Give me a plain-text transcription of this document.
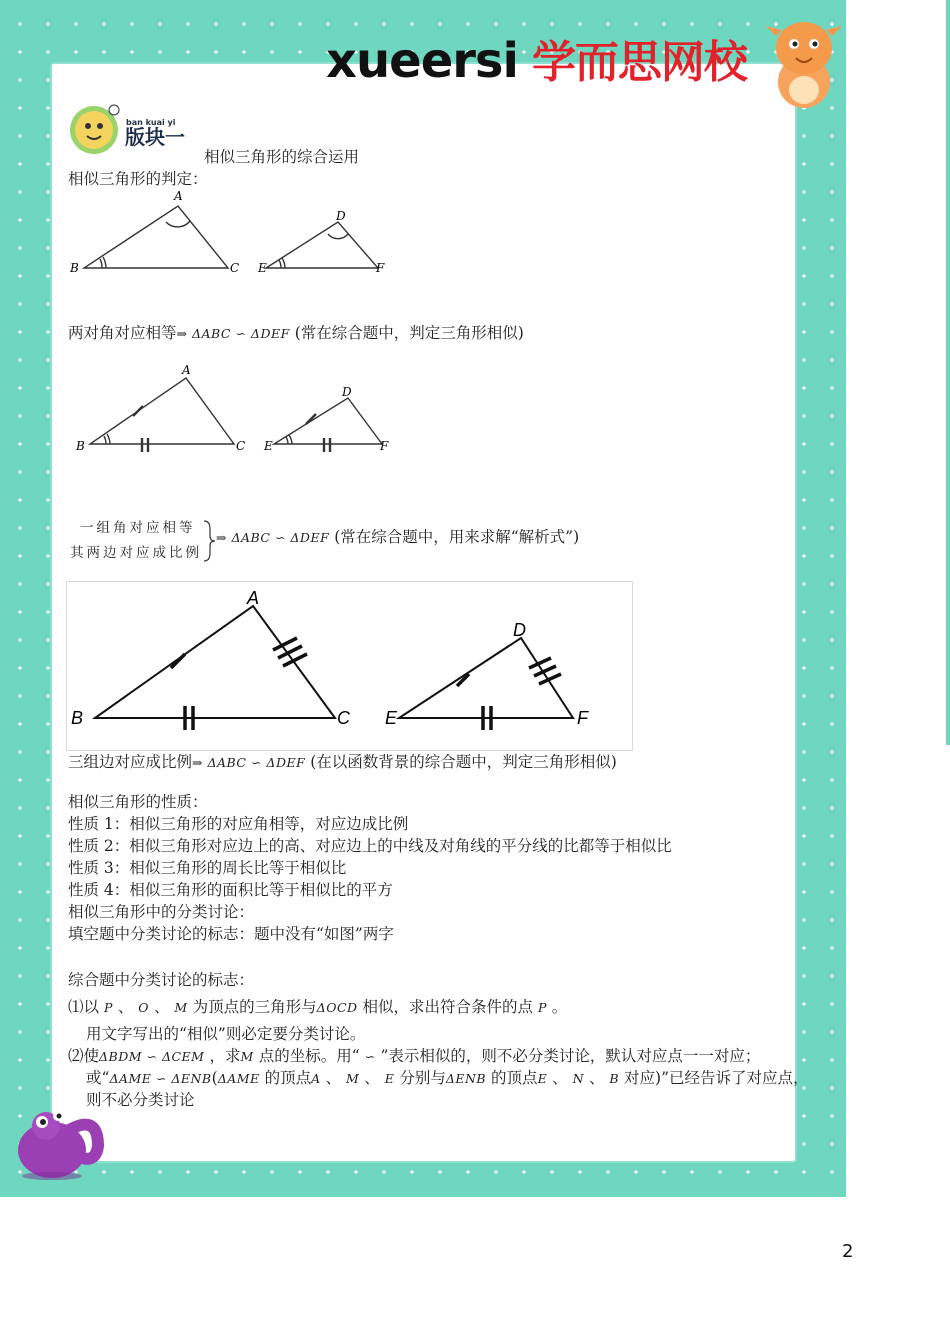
xueersi 学而思网校
ban kuai yi
版块一
相似三角形的综合运用
相似三角形的判定：
A
B	C
D
E	F
两对角对应相等⇒ ΔABC ∽ ΔDEF (常在综合题中，判定三角形相似)
A
B	C
D
E	F
一组角对应相等
其两边对应成比例
⇒ ΔABC ∽ ΔDEF (常在综合题中，用来求解“解析式”)
A
B	C
D
E	F
三组边对应成比例⇒ ΔABC ∽ ΔDEF (在以函数背景的综合题中，判定三角形相似)
相似三角形的性质：
性质 1：相似三角形的对应角相等，对应边成比例
性质 2：相似三角形对应边上的高、对应边上的中线及对角线的平分线的比都等于相似比
性质 3：相似三角形的周长比等于相似比
性质 4：相似三角形的面积比等于相似比的平方
相似三角形中的分类讨论：
填空题中分类讨论的标志：题中没有“如图”两字
综合题中分类讨论的标志：
⑴以 P 、 O 、 M 为顶点的三角形与ΔOCD 相似，求出符合条件的点 P 。
用文字写出的“相似”则必定要分类讨论。
⑵使ΔBDM ∽ ΔCEM ，求M 点的坐标。用“ ∽ ”表示相似的，则不必分类讨论，默认对应点一一对应；
或“ΔAME ∽ ΔENB(ΔAME 的顶点A 、 M 、 E 分别与ΔENB 的顶点E 、 N 、 B 对应)”已经告诉了对应点，
则不必分类讨论
2
